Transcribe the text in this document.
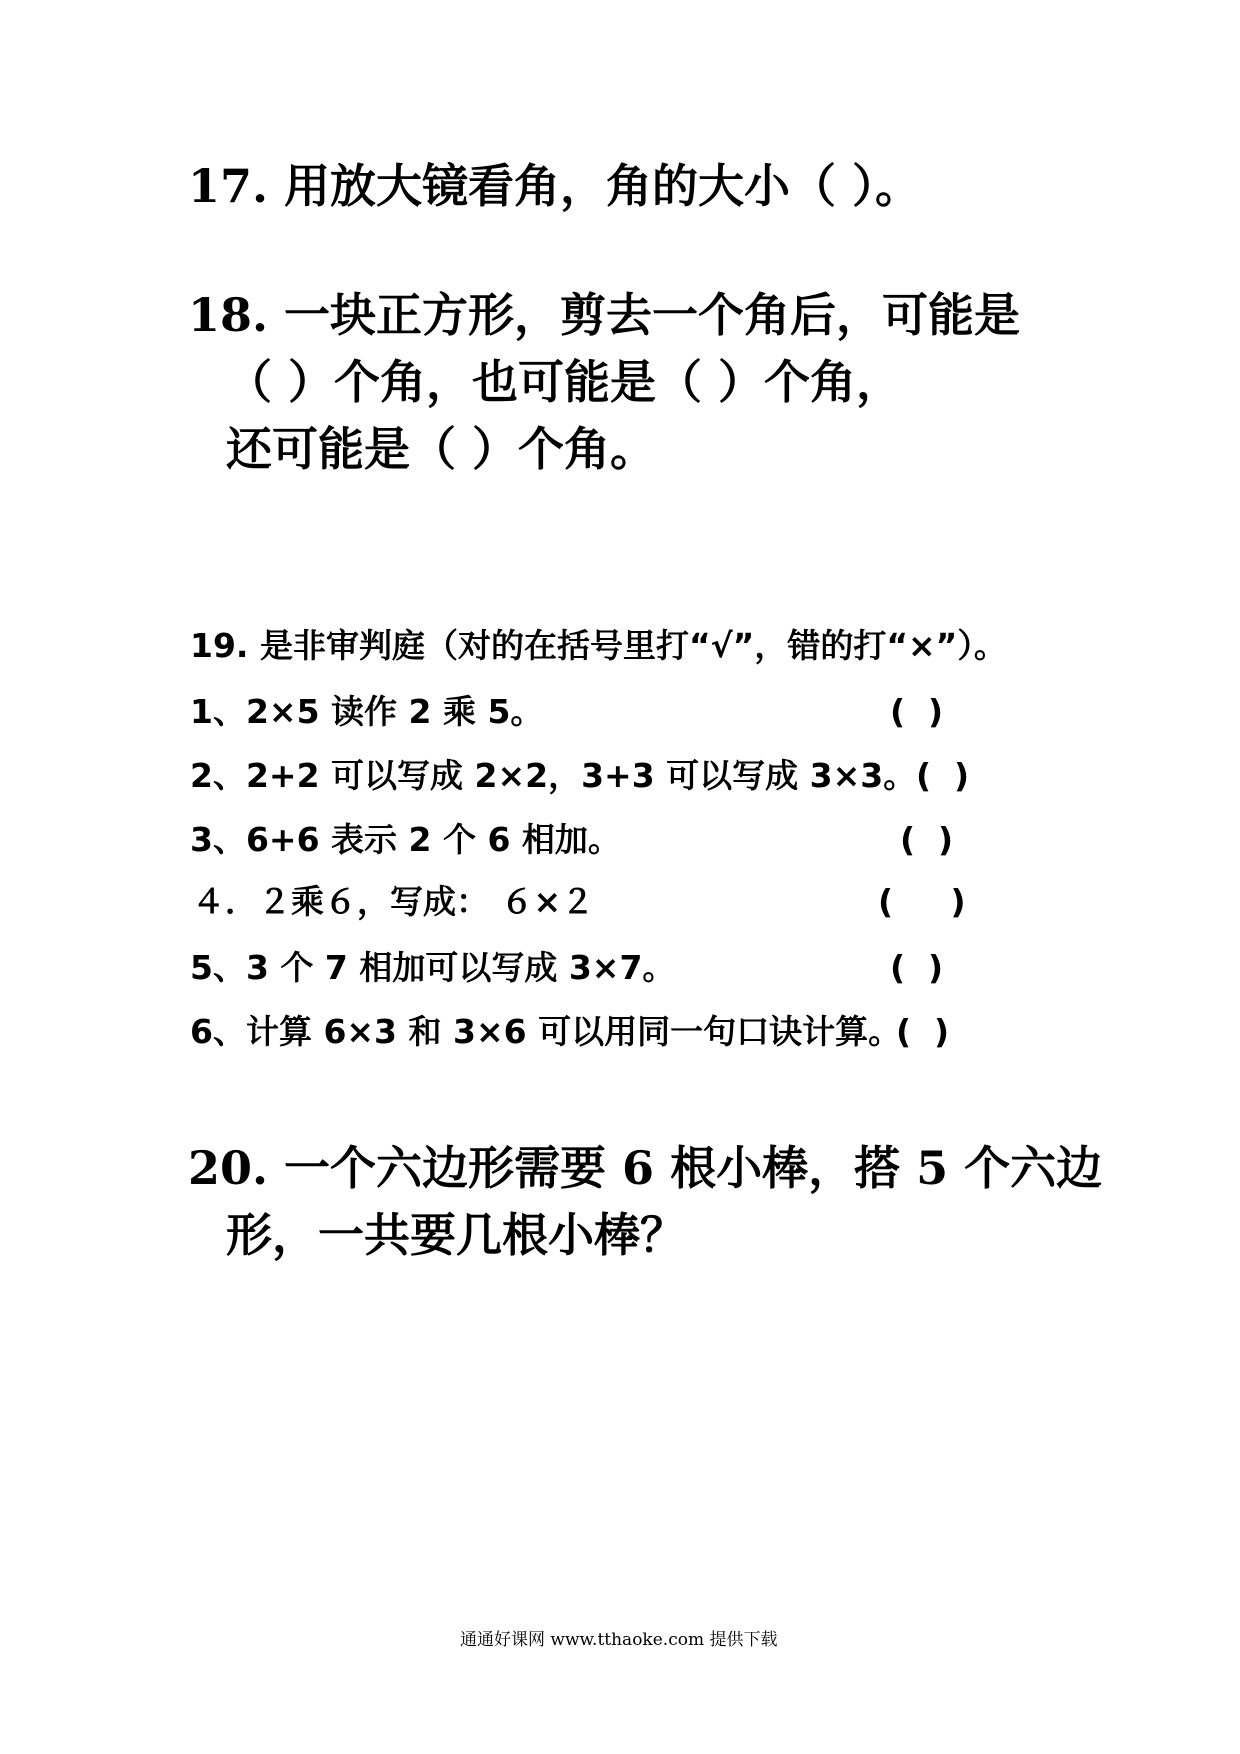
17. 用放大镜看角，角的大小（ ）。
18. 一块正方形，剪去一个角后，可能是
（ ）个角，也可能是（ ）个角，
还可能是（ ）个角。
19. 是非审判庭（对的在括号里打“√”，错的打“×”）。
1、2×5 读作 2 乘 5。	(  )
2、2+2 可以写成 2×2，3+3 可以写成 3×3。 (  )
3、6+6 表示 2 个 6 相加。	(  )
４．２乘６，写成： ６×２	(     )
5、3 个 7 相加可以写成 3×7。	(  )
6、计算 6×3 和 3×6 可以用同一句口诀计算。
(  )
20. 一个六边形需要 6 根小棒，搭 5 个六边
形，一共要几根小棒？
通通好课网 www.tthaoke.com 提供下载
